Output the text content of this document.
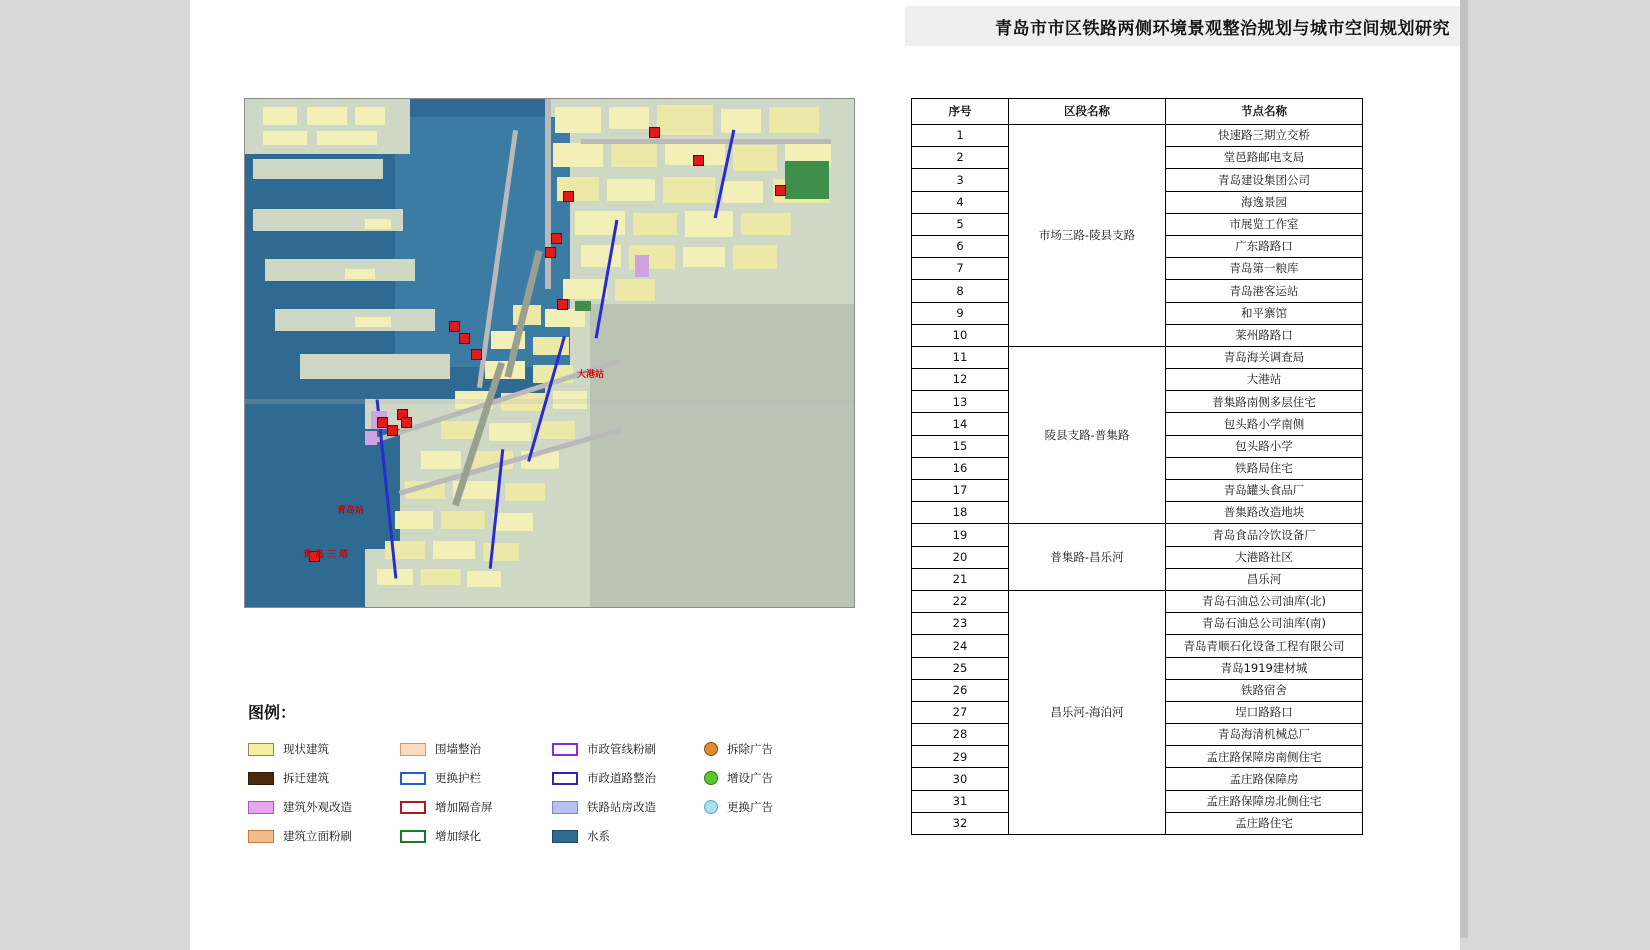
青岛市市区铁路两侧环境景观整治规划与城市空间规划研究
大港站
青岛站
青 岛 三 塔
图例：
现状建筑	围墙整治	市政管线粉刷	拆除广告
拆迁建筑	更换护栏	市政道路整治	增设广告
建筑外观改造	增加隔音屏	铁路站房改造	更换广告
建筑立面粉刷	增加绿化	水系
序号	区段名称	节点名称
1	市场三路-陵县支路	快速路三期立交桥
2		堂邑路邮电支局
3		青岛建设集团公司
4		海逸景园
5		市展览工作室
6		广东路路口
7		青岛第一粮库
8		青岛港客运站
9		和平寨馆
10		莱州路路口
11	陵县支路-普集路	青岛海关调查局
12		大港站
13		普集路南侧多层住宅
14		包头路小学南侧
15		包头路小学
16		铁路局住宅
17		青岛罐头食品厂
18		普集路改造地块
19	普集路-昌乐河	青岛食品冷饮设备厂
20		大港路社区
21		昌乐河
22	昌乐河-海泊河	青岛石油总公司油库(北)
23		青岛石油总公司油库(南)
24		青岛青顺石化设备工程有限公司
25		青岛1919建材城
26		铁路宿舍
27		埕口路路口
28		青岛海清机械总厂
29		孟庄路保障房南侧住宅
30		孟庄路保障房
31		孟庄路保障房北侧住宅
32		孟庄路住宅
